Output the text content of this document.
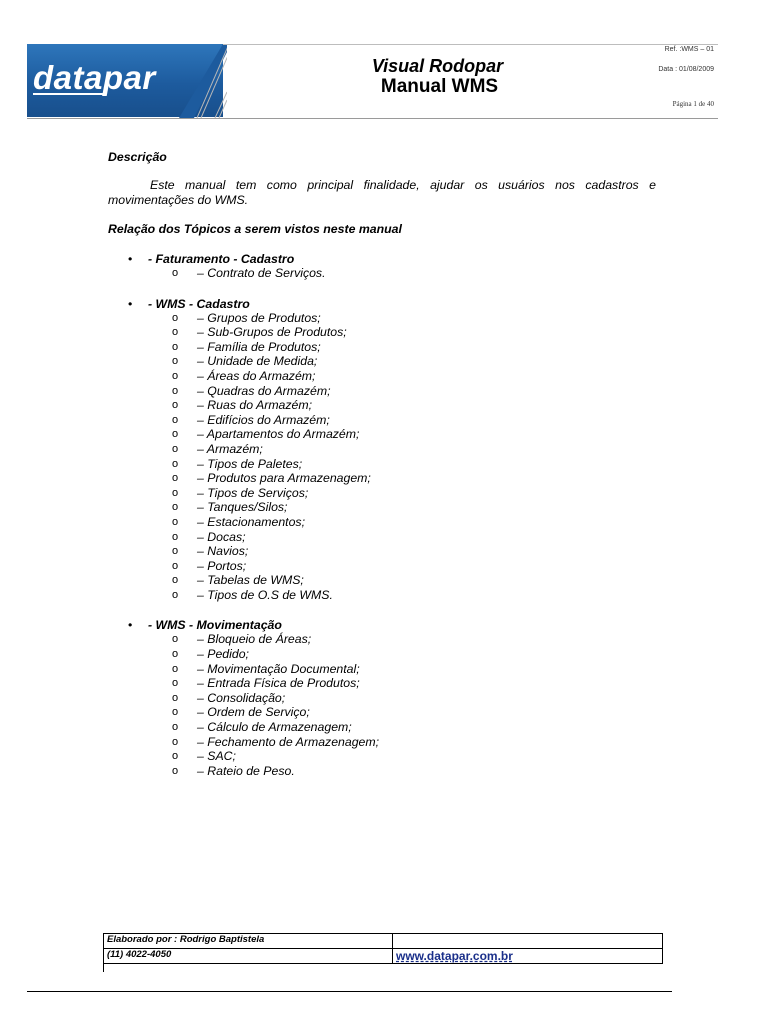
datapar	Visual Rodopar
Manual WMS
Ref. :WMS – 01
Data : 01/08/2009
Página 1 de 40

Descrição

Este manual tem como principal finalidade, ajudar os usuários nos cadastros e movimentações do WMS.

Relação dos Tópicos a serem vistos neste manual

• - Faturamento - Cadastro
o – Contrato de Serviços.
• - WMS - Cadastro
o – Grupos de Produtos;
o – Sub-Grupos de Produtos;
o – Família de Produtos;
o – Unidade de Medida;
o – Áreas do Armazém;
o – Quadras do Armazém;
o – Ruas do Armazém;
o – Edifícios do Armazém;
o – Apartamentos do Armazém;
o – Armazém;
o – Tipos de Paletes;
o – Produtos para Armazenagem;
o – Tipos de Serviços;
o – Tanques/Silos;
o – Estacionamentos;
o – Docas;
o – Navios;
o – Portos;
o – Tabelas de WMS;
o – Tipos de O.S de WMS.
• - WMS - Movimentação
o – Bloqueio de Áreas;
o – Pedido;
o – Movimentação Documental;
o – Entrada Física de Produtos;
o – Consolidação;
o – Ordem de Serviço;
o – Cálculo de Armazenagem;
o – Fechamento de Armazenagem;
o – SAC;
o – Rateio de Peso.
Elaborado por : Rodrigo Baptistela	
(11) 4022-4050	www.datapar.com.br
